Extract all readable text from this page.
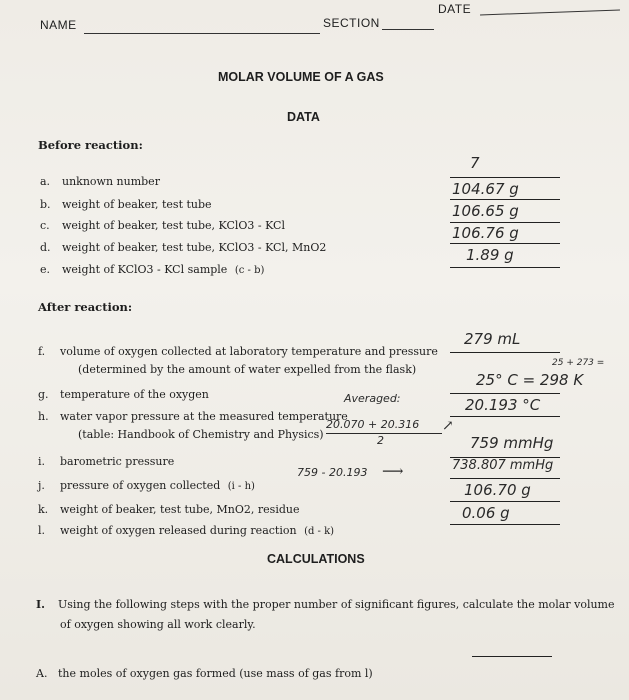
NAME	SECTION
DATE
MOLAR VOLUME OF A GAS
DATA
Before reaction:
a. unknown number
b. weight of beaker, test tube
c. weight of beaker, test tube, KClO3 - KCl
d. weight of beaker, test tube, KClO3 - KCl, MnO2
e. weight of KClO3 - KCl sample (c - b)
7
104.67 g
106.65 g
106.76 g
1.89 g
After reaction:
f. volume of oxygen collected at laboratory temperature and pressure
(determined by the amount of water expelled from the flask)
g. temperature of the oxygen
h. water vapor pressure at the measured temperature
(table: Handbook of Chemistry and Physics)
i. barometric pressure
j. pressure of oxygen collected (i - h)
k. weight of beaker, test tube, MnO2, residue
l. weight of oxygen released during reaction (d - k)
279 mL
25 + 273 =
25° C = 298 K
Averaged:
20.070 + 20.316
2
↗
20.193 °C
759 mmHg
759 - 20.193 ⟶	738.807 mmHg
106.70 g
0.06 g
CALCULATIONS
I. Using the following steps with the proper number of significant figures, calculate the molar volume
of oxygen showing all work clearly.
A. the moles of oxygen gas formed (use mass of gas from l)
